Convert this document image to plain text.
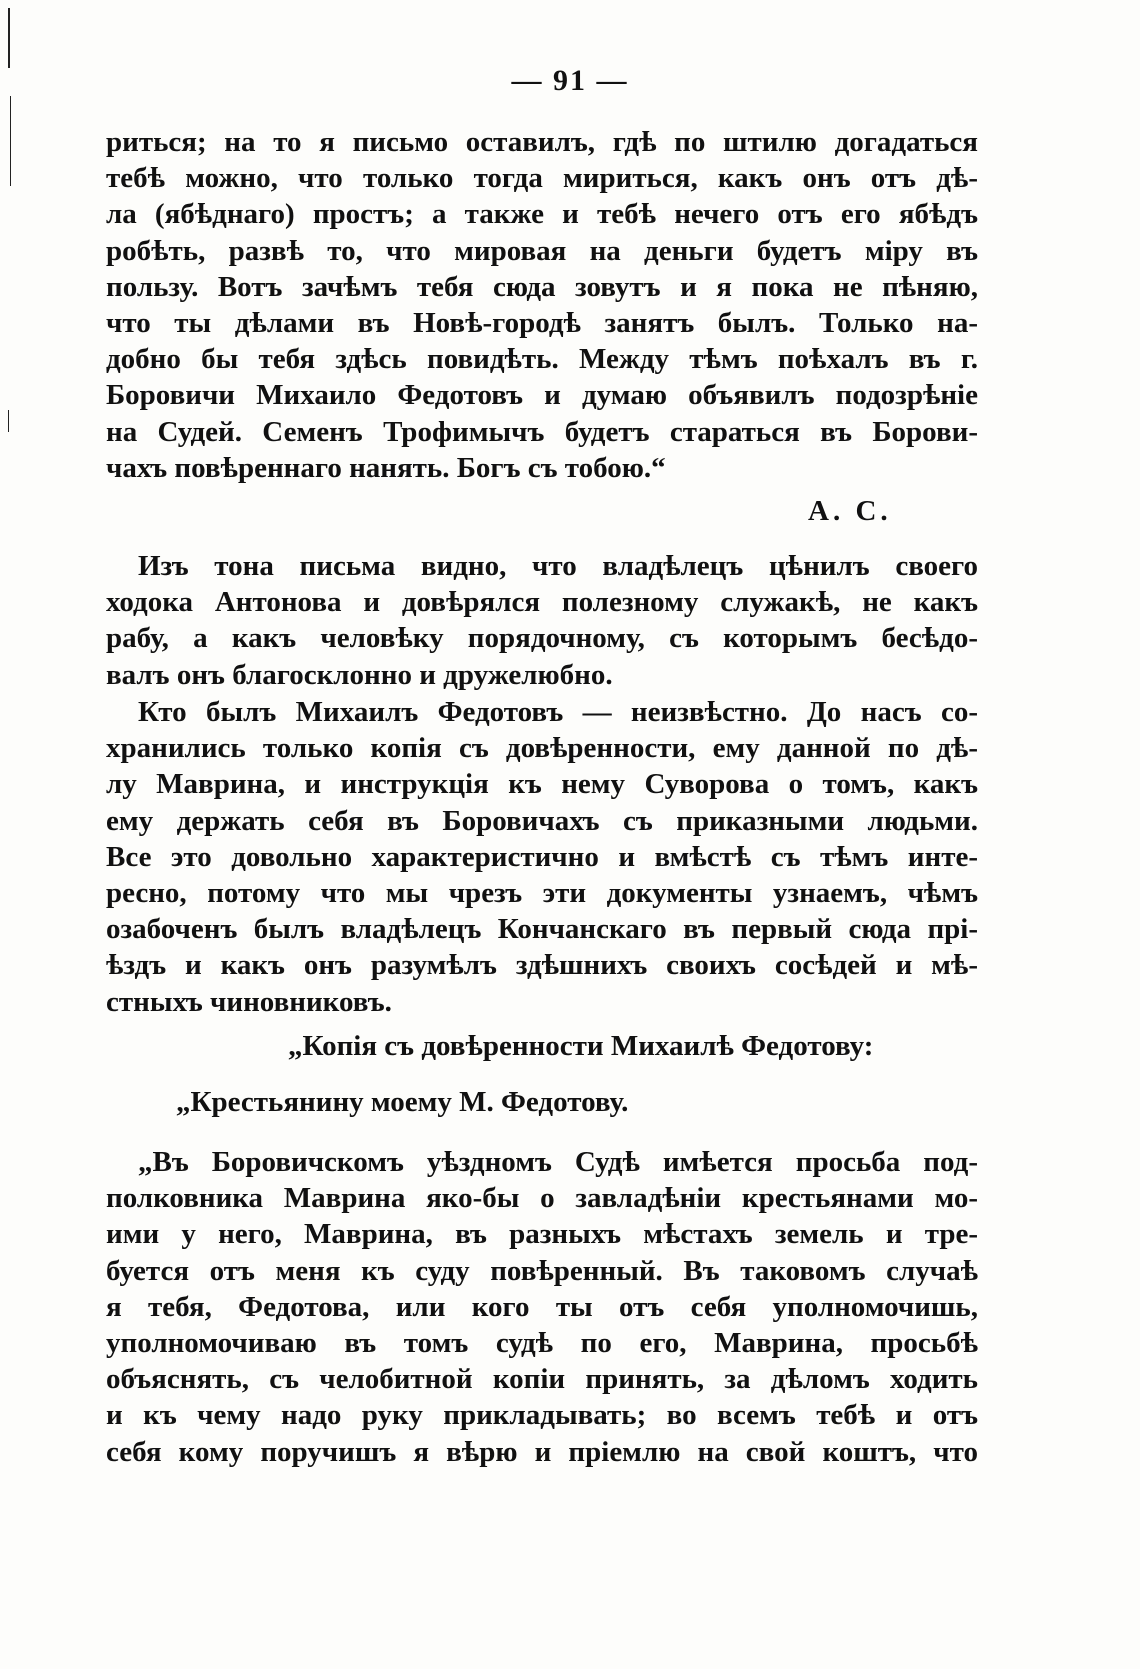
— 91 —
риться; на то я письмо оставилъ, гдѣ по штилю догадаться
тебѣ можно, что только тогда мириться, какъ онъ отъ дѣ-
ла (ябѣднаго) простъ; а также и тебѣ нечего отъ его ябѣдъ
робѣть, развѣ то, что мировая на деньги будетъ міру въ
пользу. Вотъ зачѣмъ тебя сюда зовутъ и я пока не пѣняю,
что ты дѣлами въ Новѣ-городѣ занятъ былъ. Только на-
добно бы тебя здѣсь повидѣть. Между тѣмъ поѣхалъ въ г.
Боровичи Михаило Федотовъ и думаю объявилъ подозрѣніе
на Судей. Семенъ Трофимычъ будетъ стараться въ Борови-
чахъ повѣреннаго нанять. Богъ съ тобою.“
А. С.
Изъ тона письма видно, что владѣлецъ цѣнилъ своего
ходока Антонова и довѣрялся полезному служакѣ, не какъ
рабу, а какъ человѣку порядочному, съ которымъ бесѣдо-
валъ онъ благосклонно и дружелюбно.
Кто былъ Михаилъ Федотовъ — неизвѣстно. До насъ со-
хранились только копія съ довѣренности, ему данной по дѣ-
лу Маврина, и инструкція къ нему Суворова о томъ, какъ
ему держать себя въ Боровичахъ съ приказными людьми.
Все это довольно характеристично и вмѣстѣ съ тѣмъ инте-
ресно, потому что мы чрезъ эти документы узнаемъ, чѣмъ
озабоченъ былъ владѣлецъ Кончанскаго въ первый сюда прі-
ѣздъ и какъ онъ разумѣлъ здѣшнихъ своихъ сосѣдей и мѣ-
стныхъ чиновниковъ.
„Копія съ довѣренности Михаилѣ Федотову:
„Крестьянину моему М. Федотову.
„Въ Боровичскомъ уѣздномъ Судѣ имѣется просьба под-
полковника Маврина яко-бы о завладѣніи крестьянами мо-
ими у него, Маврина, въ разныхъ мѣстахъ земель и тре-
буется отъ меня къ суду повѣренный. Въ таковомъ случаѣ
я тебя, Федотова, или кого ты отъ себя уполномочишь,
уполномочиваю въ томъ судѣ по его, Маврина, просьбѣ
объяснять, съ челобитной копіи принять, за дѣломъ ходить
и къ чему надо руку прикладывать; во всемъ тебѣ и отъ
себя кому поручишъ я вѣрю и пріемлю на свой коштъ, что
